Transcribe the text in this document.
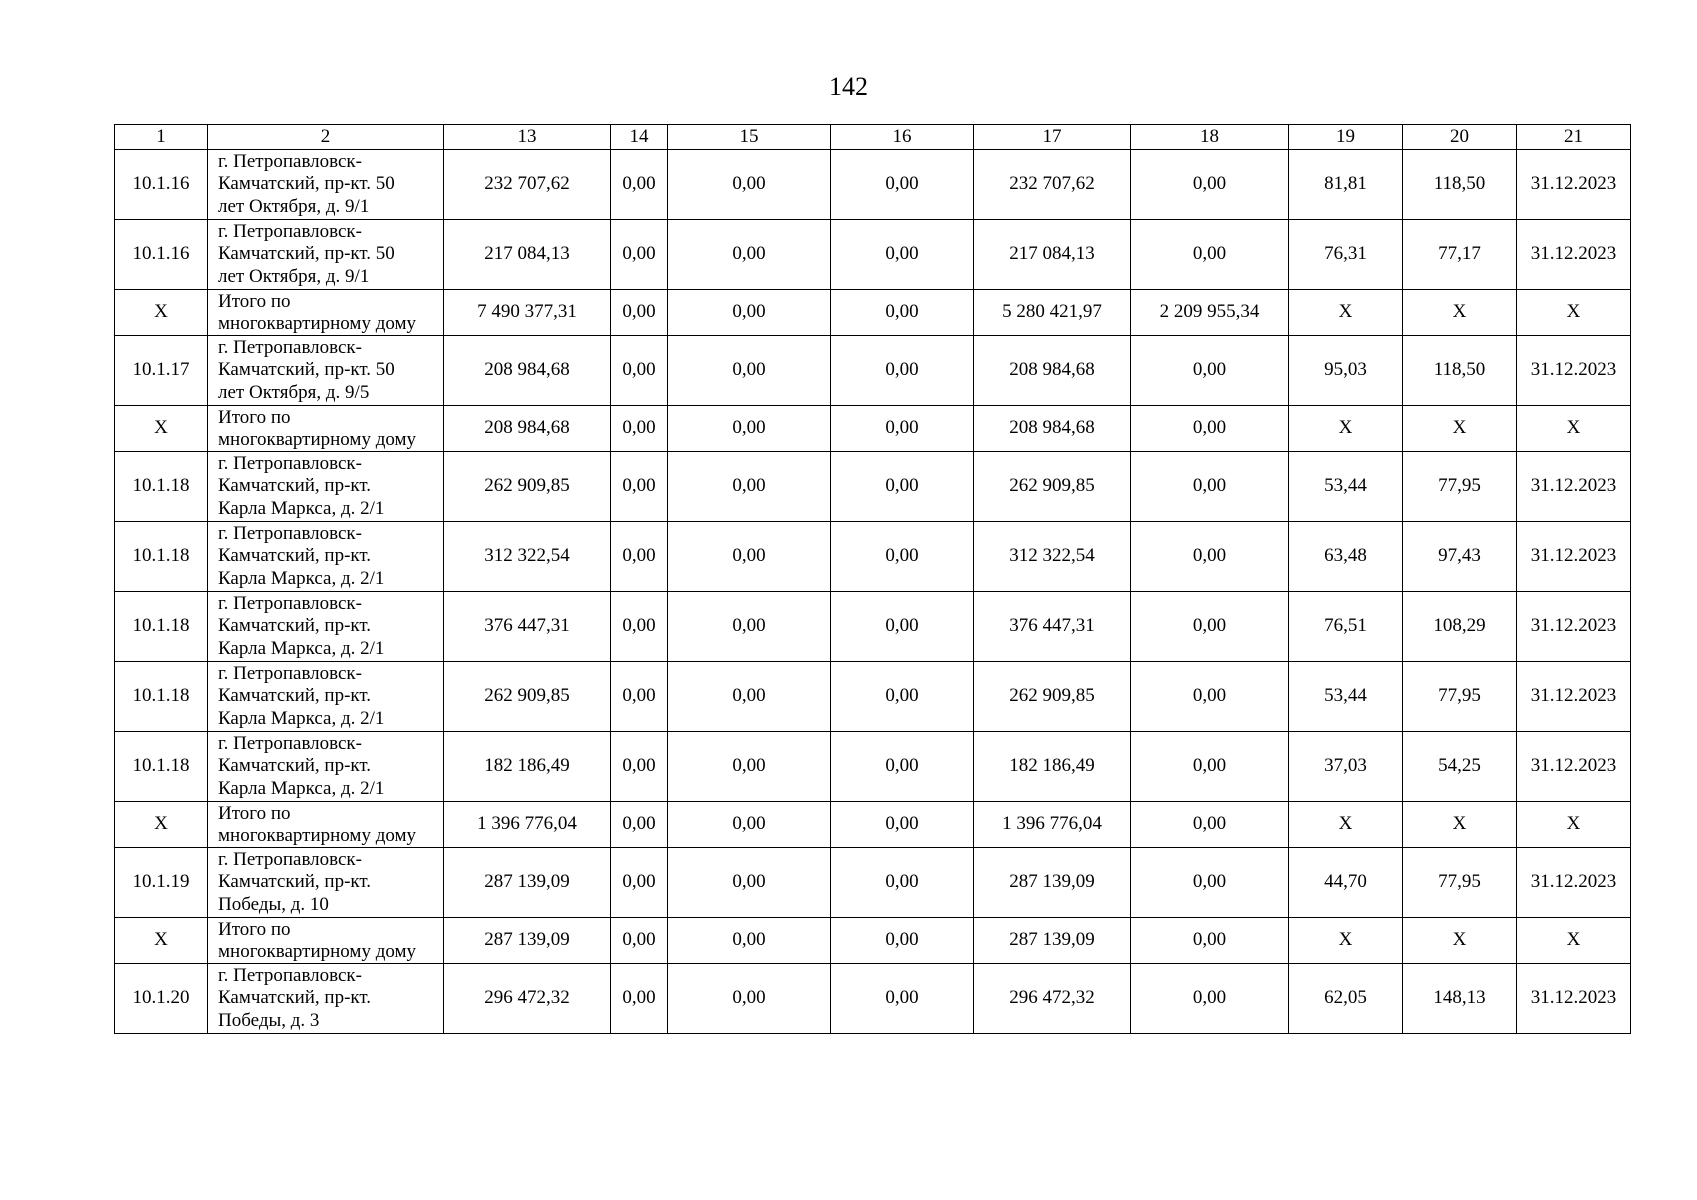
142
1	2	13	14	15	16	17	18	19	20	21
10.1.16	г. Петропавловск-
Камчатский, пр-кт. 50
лет Октября, д. 9/1	232 707,62	0,00	0,00	0,00	232 707,62	0,00	81,81	118,50	31.12.2023
10.1.16	г. Петропавловск-
Камчатский, пр-кт. 50
лет Октября, д. 9/1	217 084,13	0,00	0,00	0,00	217 084,13	0,00	76,31	77,17	31.12.2023
Х	Итого по
многоквартирному дому	7 490 377,31	0,00	0,00	0,00	5 280 421,97	2 209 955,34	Х	Х	Х
10.1.17	г. Петропавловск-
Камчатский, пр-кт. 50
лет Октября, д. 9/5	208 984,68	0,00	0,00	0,00	208 984,68	0,00	95,03	118,50	31.12.2023
Х	Итого по
многоквартирному дому	208 984,68	0,00	0,00	0,00	208 984,68	0,00	Х	Х	Х
10.1.18	г. Петропавловск-
Камчатский, пр-кт.
Карла Маркса, д. 2/1	262 909,85	0,00	0,00	0,00	262 909,85	0,00	53,44	77,95	31.12.2023
10.1.18	г. Петропавловск-
Камчатский, пр-кт.
Карла Маркса, д. 2/1	312 322,54	0,00	0,00	0,00	312 322,54	0,00	63,48	97,43	31.12.2023
10.1.18	г. Петропавловск-
Камчатский, пр-кт.
Карла Маркса, д. 2/1	376 447,31	0,00	0,00	0,00	376 447,31	0,00	76,51	108,29	31.12.2023
10.1.18	г. Петропавловск-
Камчатский, пр-кт.
Карла Маркса, д. 2/1	262 909,85	0,00	0,00	0,00	262 909,85	0,00	53,44	77,95	31.12.2023
10.1.18	г. Петропавловск-
Камчатский, пр-кт.
Карла Маркса, д. 2/1	182 186,49	0,00	0,00	0,00	182 186,49	0,00	37,03	54,25	31.12.2023
Х	Итого по
многоквартирному дому	1 396 776,04	0,00	0,00	0,00	1 396 776,04	0,00	Х	Х	Х
10.1.19	г. Петропавловск-
Камчатский, пр-кт.
Победы, д. 10	287 139,09	0,00	0,00	0,00	287 139,09	0,00	44,70	77,95	31.12.2023
Х	Итого по
многоквартирному дому	287 139,09	0,00	0,00	0,00	287 139,09	0,00	Х	Х	Х
10.1.20	г. Петропавловск-
Камчатский, пр-кт.
Победы, д. 3	296 472,32	0,00	0,00	0,00	296 472,32	0,00	62,05	148,13	31.12.2023
